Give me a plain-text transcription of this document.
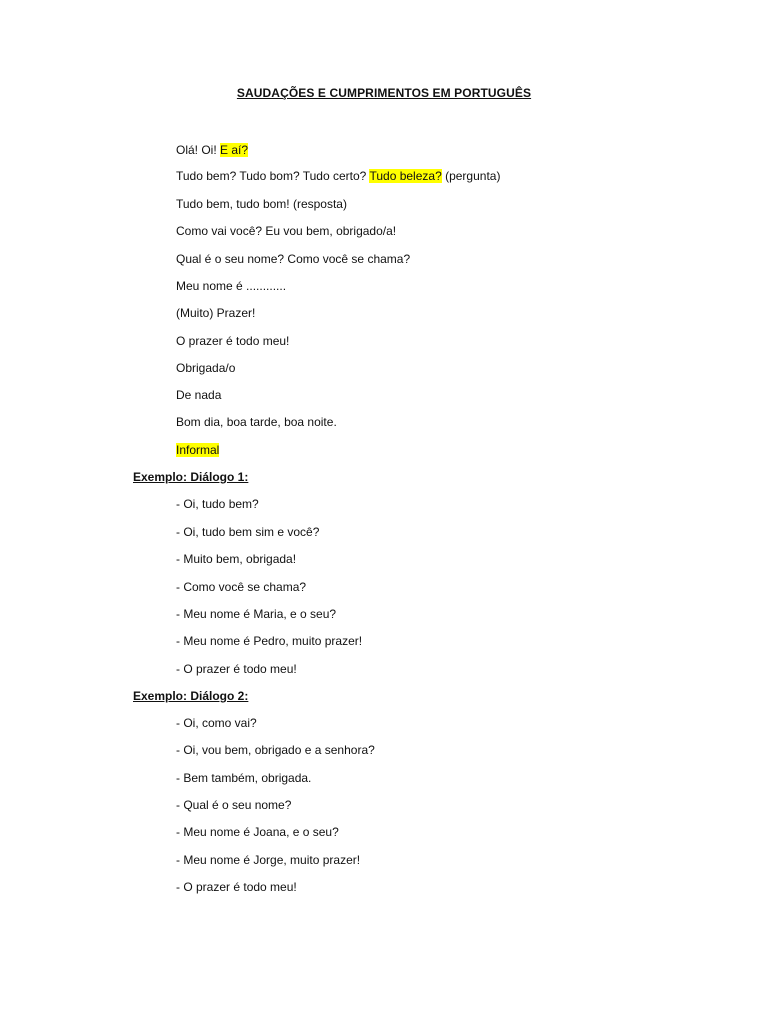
SAUDAÇÕES E CUMPRIMENTOS EM PORTUGUÊS
Olá! Oi! E aí?
Tudo bem? Tudo bom? Tudo certo? Tudo beleza? (pergunta)
Tudo bem, tudo bom! (resposta)
Como vai você? Eu vou bem, obrigado/a!
Qual é o seu nome? Como você se chama?
Meu nome é ............
(Muito) Prazer!
O prazer é todo meu!
Obrigada/o
De nada
Bom dia, boa tarde, boa noite.
Informal
Exemplo: Diálogo 1:
- Oi, tudo bem?
- Oi, tudo bem sim e você?
- Muito bem, obrigada!
- Como você se chama?
- Meu nome é Maria, e o seu?
- Meu nome é Pedro, muito prazer!
- O prazer é todo meu!
Exemplo: Diálogo 2:
- Oi, como vai?
- Oi, vou bem, obrigado e a senhora?
- Bem também, obrigada.
- Qual é o seu nome?
- Meu nome é Joana, e o seu?
- Meu nome é Jorge, muito prazer!
- O prazer é todo meu!
